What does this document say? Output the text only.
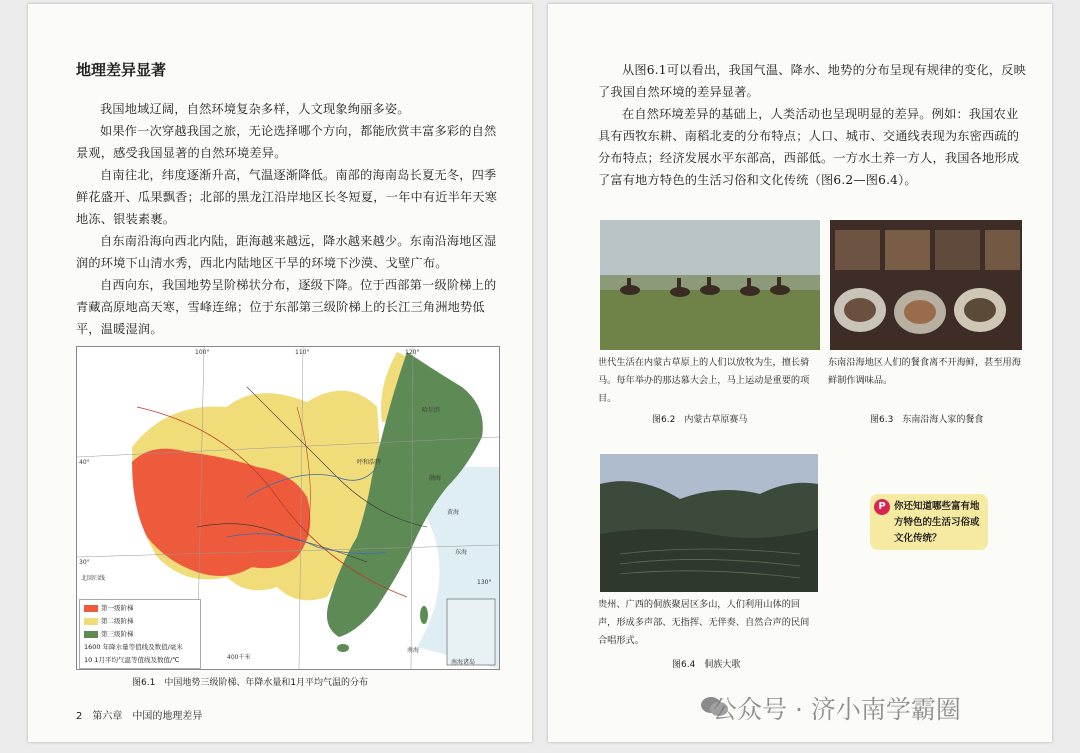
地理差异显著

我国地域辽阔，自然环境复杂多样，人文现象绚丽多姿。

如果作一次穿越我国之旅，无论选择哪个方向，都能欣赏丰富多彩的自然景观，感受我国显著的自然环境差异。

自南往北，纬度逐渐升高，气温逐渐降低。南部的海南岛长夏无冬，四季鲜花盛开、瓜果飘香；北部的黑龙江沿岸地区长冬短夏，一年中有近半年天寒地冻、银装素裹。

自东南沿海向西北内陆，距海越来越远，降水越来越少。东南沿海地区湿润的环境下山清水秀，西北内陆地区干旱的环境下沙漠、戈壁广布。

自西向东，我国地势呈阶梯状分布，逐级下降。位于西部第一级阶梯上的青藏高原地高天寒，雪峰连绵；位于东部第三级阶梯上的长江三角洲地势低平，温暖湿润。

100°	110°	120°
130°
40°
30°
呼和浩特
哈尔滨
渤海
黄海
东海
南海
北回归线
南海诸岛
第一级阶梯
第二级阶梯
第三级阶梯
1600 年降水量等值线及数值/毫米
10 1月平均气温等值线及数值/℃	400千米
图6.1　中国地势三级阶梯、年降水量和1月平均气温的分布
2　第六章　中国的地理差异

从图6.1可以看出，我国气温、降水、地势的分布呈现有规律的变化，反映了我国自然环境的差异显著。

在自然环境差异的基础上，人类活动也呈现明显的差异。例如：我国农业具有西牧东耕、南稻北麦的分布特点；人口、城市、交通线表现为东密西疏的分布特点；经济发展水平东部高，西部低。一方水土养一方人，我国各地形成了富有地方特色的生活习俗和文化传统（图6.2—图6.4）。

世代生活在内蒙古草原上的人们以放牧为生，擅长骑马。每年举办的那达慕大会上，马上运动是重要的项目。
图6.2　内蒙古草原赛马
东南沿海地区人们的餐食离不开海鲜，甚至用海鲜制作调味品。
图6.3　东南沿海人家的餐食
贵州、广西的侗族聚居区多山，人们利用山体的回声，形成多声部、无指挥、无伴奏、自然合声的民间合唱形式。
图6.4　侗族大歌
P 你还知道哪些富有地方特色的生活习俗或文化传统？
公众号 · 济小南学霸圈
